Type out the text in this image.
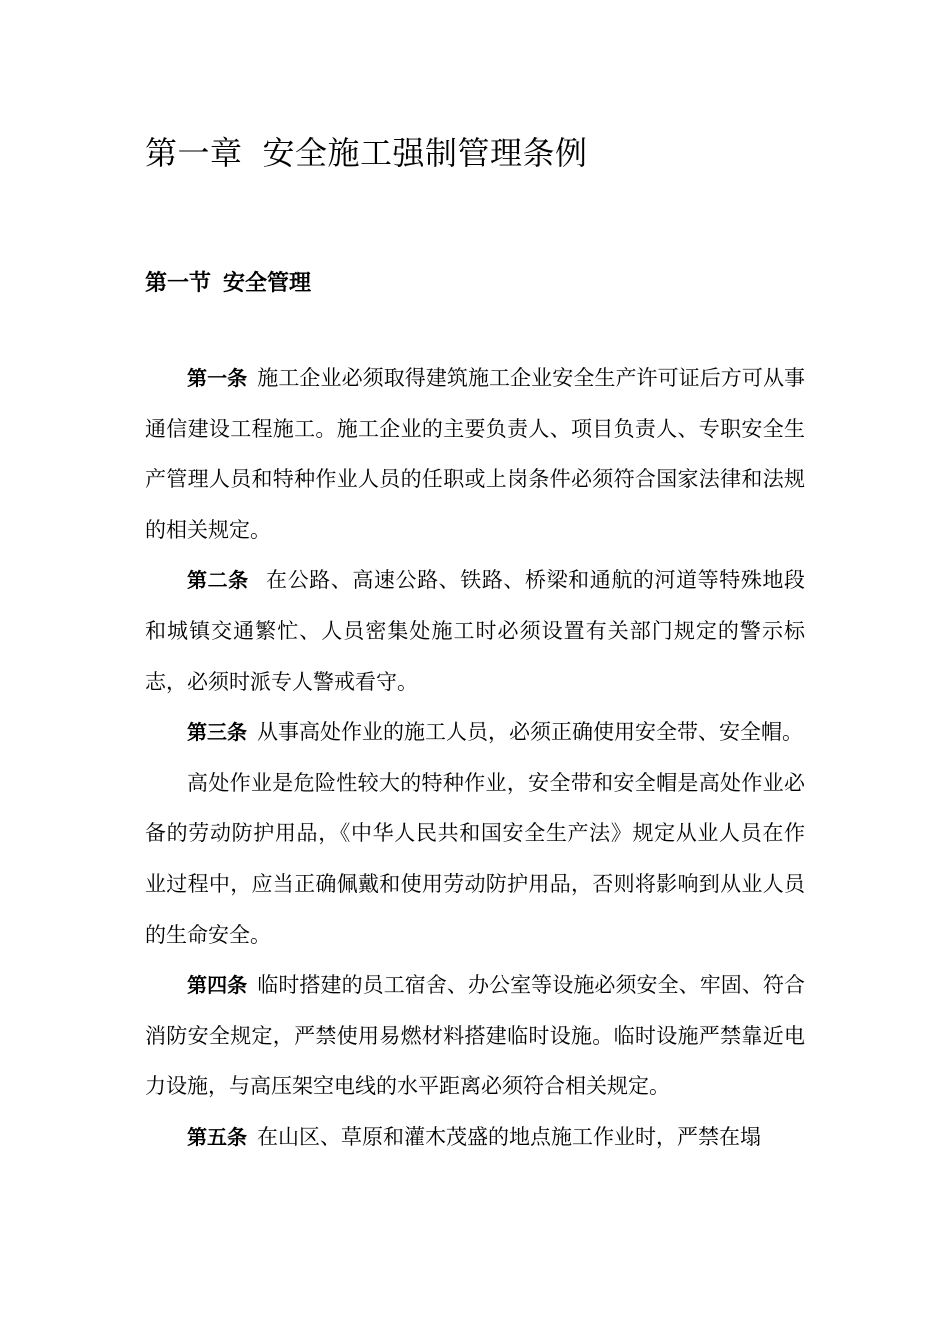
第一章 安全施工强制管理条例
第一节 安全管理

第一条 施工企业必须取得建筑施工企业安全生产许可证后方可从事通信建设工程施工。施工企业的主要负责人、项目负责人、专职安全生产管理人员和特种作业人员的任职或上岗条件必须符合国家法律和法规的相关规定。

第二条 在公路、高速公路、铁路、桥梁和通航的河道等特殊地段和城镇交通繁忙、人员密集处施工时必须设置有关部门规定的警示标志，必须时派专人警戒看守。

第三条 从事高处作业的施工人员，必须正确使用安全带、安全帽。

高处作业是危险性较大的特种作业，安全带和安全帽是高处作业必备的劳动防护用品，《中华人民共和国安全生产法》规定从业人员在作业过程中，应当正确佩戴和使用劳动防护用品，否则将影响到从业人员的生命安全。

第四条 临时搭建的员工宿舍、办公室等设施必须安全、牢固、符合消防安全规定，严禁使用易燃材料搭建临时设施。临时设施严禁靠近电力设施，与高压架空电线的水平距离必须符合相关规定。

第五条 在山区、草原和灌木茂盛的地点施工作业时，严禁在塌
